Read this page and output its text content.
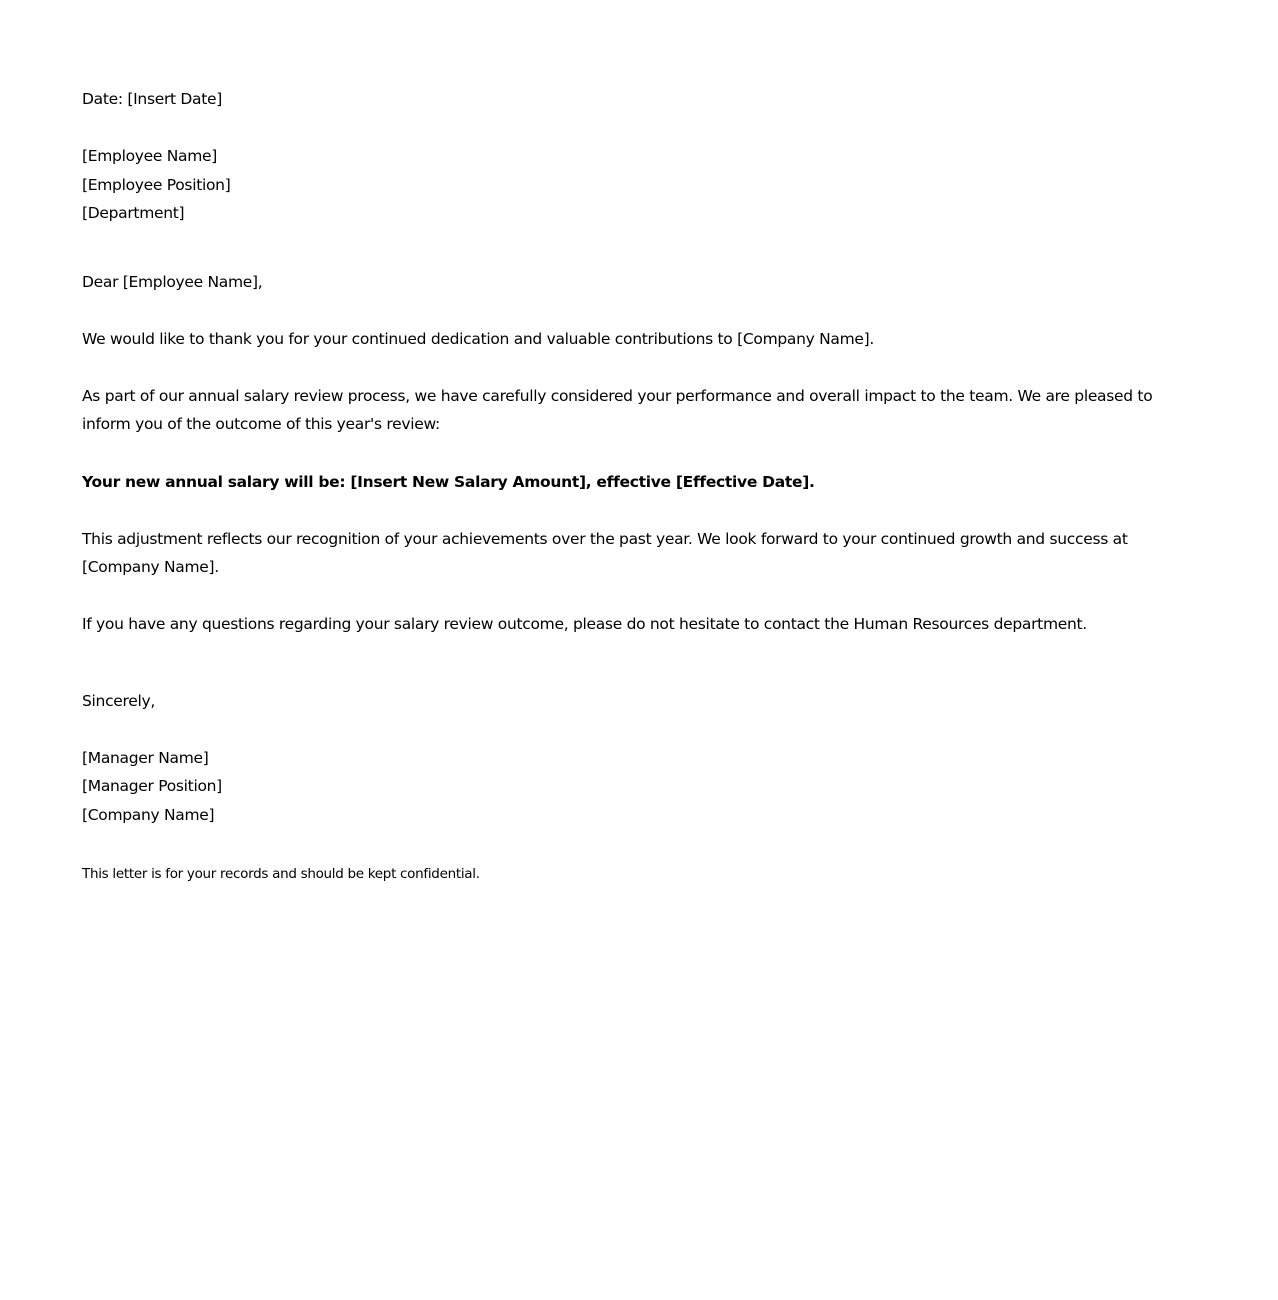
Date: [Insert Date]
[Employee Name]
[Employee Position]
[Department]
Dear [Employee Name],
We would like to thank you for your continued dedication and valuable contributions to [Company Name].
As part of our annual salary review process, we have carefully considered your performance and overall impact to the team. We are pleased to inform you of the outcome of this year's review:
Your new annual salary will be: [Insert New Salary Amount], effective [Effective Date].
This adjustment reflects our recognition of your achievements over the past year. We look forward to your continued growth and success at [Company Name].
If you have any questions regarding your salary review outcome, please do not hesitate to contact the Human Resources department.
Sincerely,
[Manager Name]
[Manager Position]
[Company Name]
This letter is for your records and should be kept confidential.
